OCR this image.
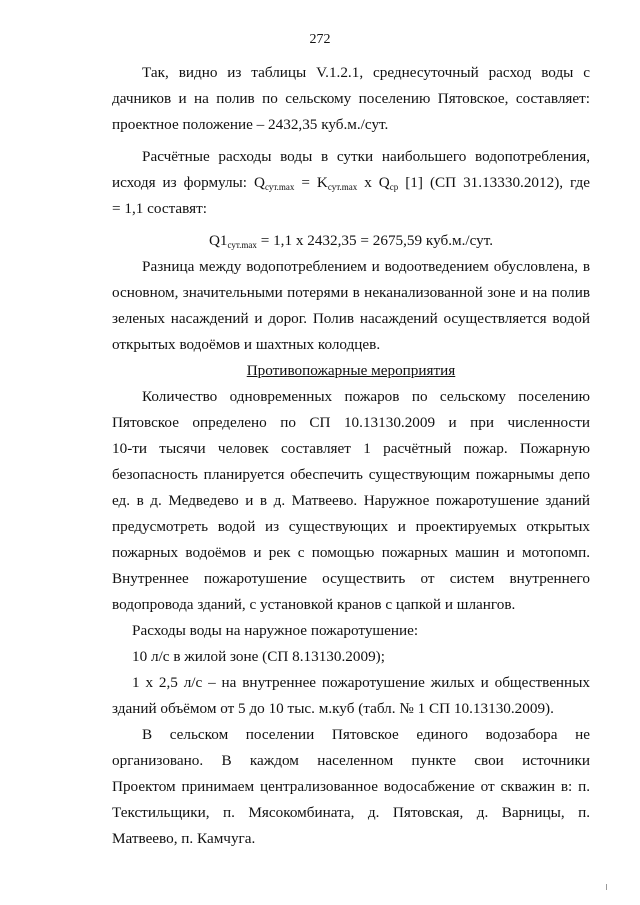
272
Так, видно из таблицы V.1.2.1, среднесуточный расход воды с
дачников и на полив по сельскому поселению Пятовское, составляет:
проектное положение – 2432,35 куб.м./сут.
Расчётные расходы воды в сутки наибольшего водопотребления,
исходя из формулы: $Q_{сут.max} = K_{сут.max}$ x $Q_{ср}$ [1] (СП 31.13330.2012), где
= 1,1 составят:
$Q1_{сут.max} = 1,1$ x 2432,35 = 2675,59 куб.м./сут.
Разница между водопотреблением и водоотведением обусловлена, в
основном, значительными потерями в неканализованной зоне и на полив
зеленых насаждений и дорог. Полив насаждений осуществляется водой
открытых водоёмов и шахтных колодцев.
Противопожарные мероприятия
Количество одновременных пожаров по сельскому поселению
Пятовское определено по СП 10.13130.2009 и при численности
10-ти тысячи человек составляет 1 расчётный пожар. Пожарную
безопасность планируется обеспечить существующим пожарнымы депо
ед. в д. Медведево и в д. Матвеево. Наружное пожаротушение зданий
предусмотреть водой из существующих и проектируемых открытых
пожарных водоёмов и рек с помощью пожарных машин и мотопомп.
Внутреннее пожаротушение осуществить от систем внутреннего
водопровода зданий, с установкой кранов с цапкой и шлангов.
Расходы воды на наружное пожаротушение:
10 л/с в жилой зоне (СП 8.13130.2009);
1 x 2,5 л/с – на внутреннее пожаротушение жилых и общественных
зданий объёмом от 5 до 10 тыс. м.куб (табл. № 1 СП 10.13130.2009).
В сельском поселении Пятовское единого водозабора не
организовано. В каждом населенном пункте свои источники
Проектом принимаем централизованное водосабжение от скважин в: п.
Текстильщики, п. Мясокомбината, д. Пятовская, д. Варницы, п.
Матвеево, п. Камчуга.
